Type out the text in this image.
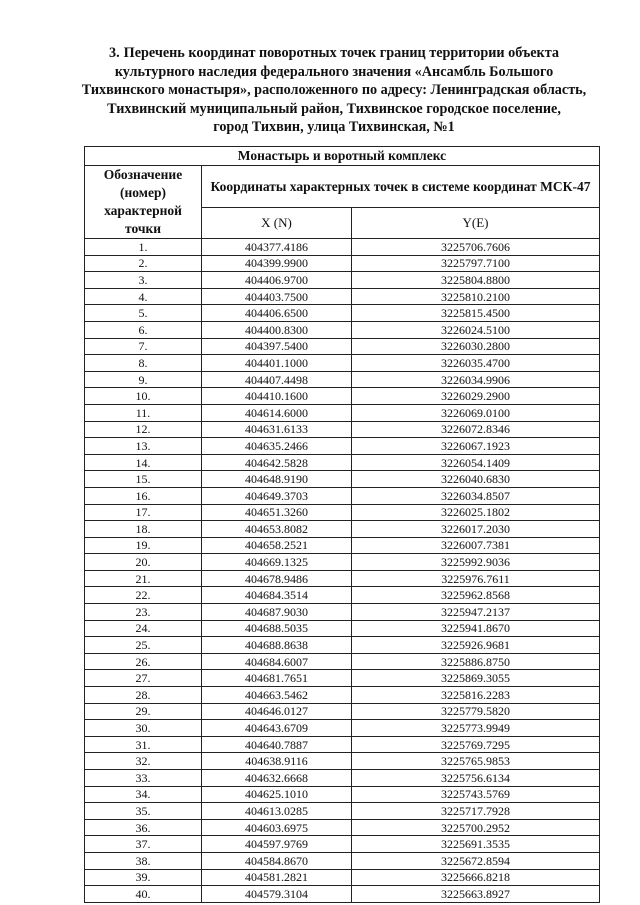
3. Перечень координат поворотных точек границ территории объекта
культурного наследия федерального значения «Ансамбль Большого
Тихвинского монастыря», расположенного по адресу: Ленинградская область,
Тихвинский муниципальный район, Тихвинское городское поселение,
город Тихвин, улица Тихвинская, №1
Монастырь и воротный комплекс		
Обозначение (номер) характерной точки	Координаты характерных точек в системе координат МСК-47	
	X (N)	Y(E)
1.	404377.4186	3225706.7606
2.	404399.9900	3225797.7100
3.	404406.9700	3225804.8800
4.	404403.7500	3225810.2100
5.	404406.6500	3225815.4500
6.	404400.8300	3226024.5100
7.	404397.5400	3226030.2800
8.	404401.1000	3226035.4700
9.	404407.4498	3226034.9906
10.	404410.1600	3226029.2900
11.	404614.6000	3226069.0100
12.	404631.6133	3226072.8346
13.	404635.2466	3226067.1923
14.	404642.5828	3226054.1409
15.	404648.9190	3226040.6830
16.	404649.3703	3226034.8507
17.	404651.3260	3226025.1802
18.	404653.8082	3226017.2030
19.	404658.2521	3226007.7381
20.	404669.1325	3225992.9036
21.	404678.9486	3225976.7611
22.	404684.3514	3225962.8568
23.	404687.9030	3225947.2137
24.	404688.5035	3225941.8670
25.	404688.8638	3225926.9681
26.	404684.6007	3225886.8750
27.	404681.7651	3225869.3055
28.	404663.5462	3225816.2283
29.	404646.0127	3225779.5820
30.	404643.6709	3225773.9949
31.	404640.7887	3225769.7295
32.	404638.9116	3225765.9853
33.	404632.6668	3225756.6134
34.	404625.1010	3225743.5769
35.	404613.0285	3225717.7928
36.	404603.6975	3225700.2952
37.	404597.9769	3225691.3535
38.	404584.8670	3225672.8594
39.	404581.2821	3225666.8218
40.	404579.3104	3225663.8927
